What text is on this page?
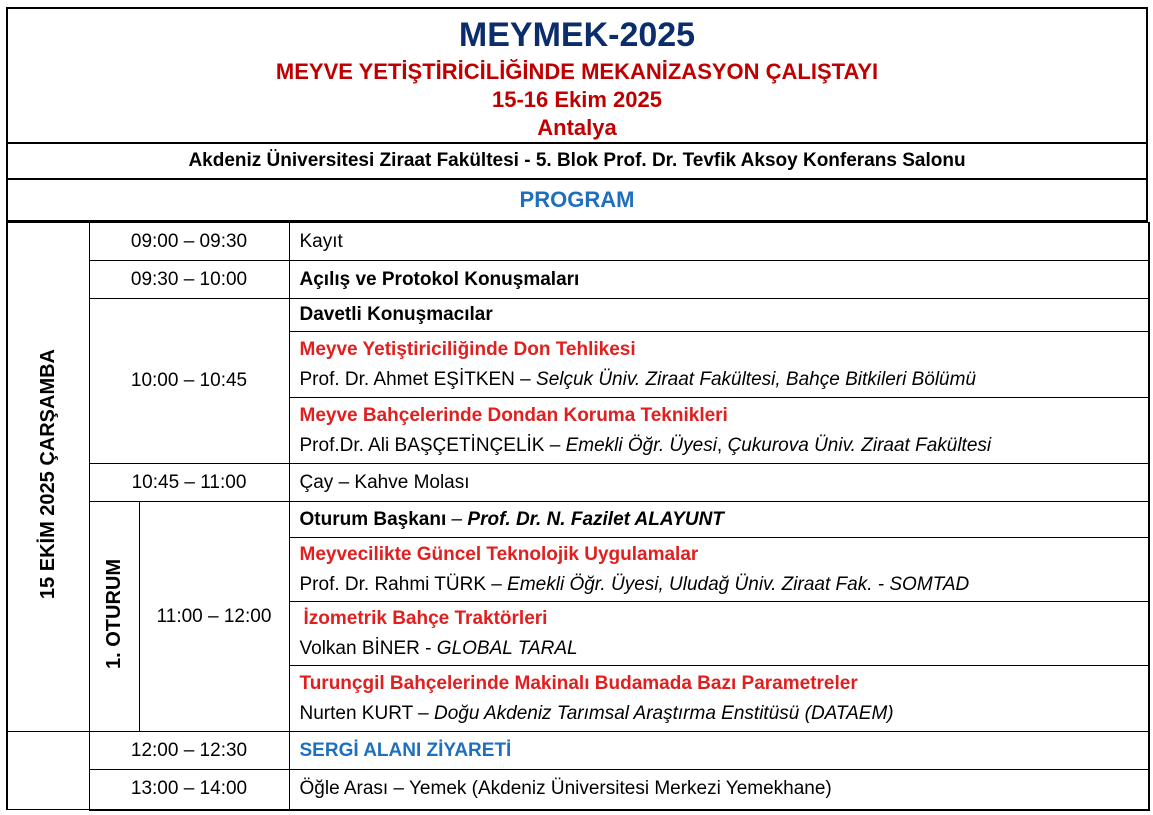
MEYMEK-2025
MEYVE YETİŞTİRİCİLİĞİNDE MEKANİZASYON ÇALIŞTAYI
15-16 Ekim 2025
Antalya
Akdeniz Üniversitesi Ziraat Fakültesi - 5. Blok Prof. Dr. Tevfik Aksoy Konferans Salonu
PROGRAM
15 EKİM 2025 ÇARŞAMBA	09:00 – 09:30		Kayıt
	09:30 – 10:00		Açılış ve Protokol Konuşmaları
	10:00 – 10:45		Davetli Konuşmacılar

			Meyve Yetiştiriciliğinde Don Tehlikesi
Prof. Dr. Ahmet EŞİTKEN – Selçuk Üniv. Ziraat Fakültesi, Bahçe Bitkileri Bölümü

			Meyve Bahçelerinde Dondan Koruma Teknikleri
Prof.Dr. Ali BAŞÇETİNÇELİK – Emekli Öğr. Üyesi, Çukurova Üniv. Ziraat Fakültesi

	10:45 – 11:00		Çay – Kahve Molası
	1. OTURUM	11:00 – 12:00	Oturum Başkanı – Prof. Dr. N. Fazilet ALAYUNT

			Meyvecilikte Güncel Teknolojik Uygulamalar
Prof. Dr. Rahmi TÜRK – Emekli Öğr. Üyesi, Uludağ Üniv. Ziraat Fak. - SOMTAD

			İzometrik Bahçe Traktörleri
Volkan BİNER - GLOBAL TARAL

			Turunçgil Bahçelerinde Makinalı Budamada Bazı Parametreler
Nurten KURT – Doğu Akdeniz Tarımsal Araştırma Enstitüsü (DATAEM)

	12:00 – 12:30		SERGİ ALANI ZİYARETİ
	13:00 – 14:00		Öğle Arası – Yemek (Akdeniz Üniversitesi Merkezi Yemekhane)
